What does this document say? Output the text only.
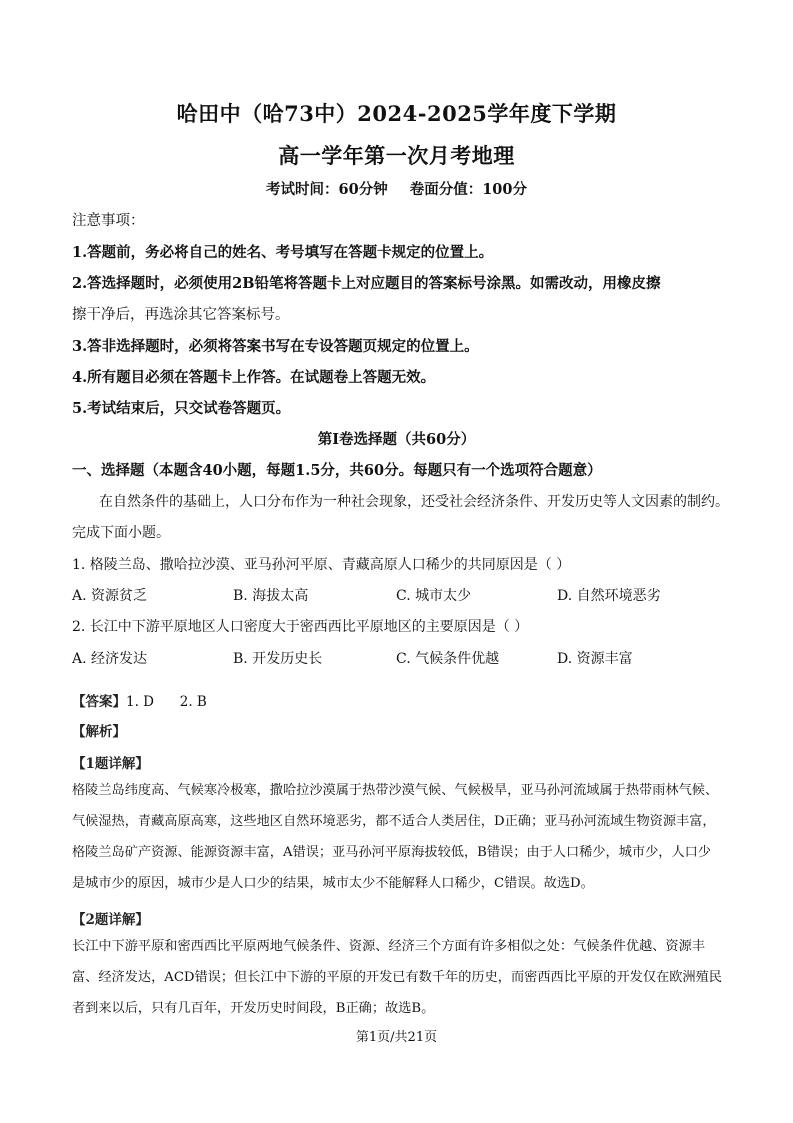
哈田中（哈73中）2024-2025学年度下学期
高一学年第一次月考地理
考试时间：60分钟 卷面分值：100分
注意事项：
1.答题前，务必将自己的姓名、考号填写在答题卡规定的位置上。
2.答选择题时，必须使用2B铅笔将答题卡上对应题目的答案标号涂黑。如需改动，用橡皮擦
擦干净后，再选涂其它答案标号。
3.答非选择题时，必须将答案书写在专设答题页规定的位置上。
4.所有题目必须在答题卡上作答。在试题卷上答题无效。
5.考试结束后，只交试卷答题页。
第Ⅰ卷选择题（共60分）
一、选择题（本题含40小题，每题1.5分，共60分。每题只有一个选项符合题意）
在自然条件的基础上，人口分布作为一种社会现象，还受社会经济条件、开发历史等人文因素的制约。
完成下面小题。
1. 格陵兰岛、撒哈拉沙漠、亚马孙河平原、青藏高原人口稀少的共同原因是（ ）
A. 资源贫乏	B. 海拔太高	C. 城市太少	D. 自然环境恶劣
2. 长江中下游平原地区人口密度大于密西西比平原地区的主要原因是（ ）
A. 经济发达	B. 开发历史长	C. 气候条件优越	D. 资源丰富
【答案】1. D      2. B
【解析】
【1题详解】
格陵兰岛纬度高、气候寒冷极寒，撒哈拉沙漠属于热带沙漠气候、气候极旱，亚马孙河流域属于热带雨林气候、气候湿热，青藏高原高寒，这些地区自然环境恶劣，都不适合人类居住，D正确；亚马孙河流域生物资源丰富，格陵兰岛矿产资源、能源资源丰富，A错误；亚马孙河平原海拔较低，B错误；由于人口稀少，城市少，人口少是城市少的原因，城市少是人口少的结果，城市太少不能解释人口稀少，C错误。故选D。
【2题详解】
长江中下游平原和密西西比平原两地气候条件、资源、经济三个方面有许多相似之处：气候条件优越、资源丰富、经济发达，ACD错误；但长江中下游的平原的开发已有数千年的历史，而密西西比平原的开发仅在欧洲殖民者到来以后，只有几百年，开发历史时间段，B正确；故选B。
第1页/共21页
